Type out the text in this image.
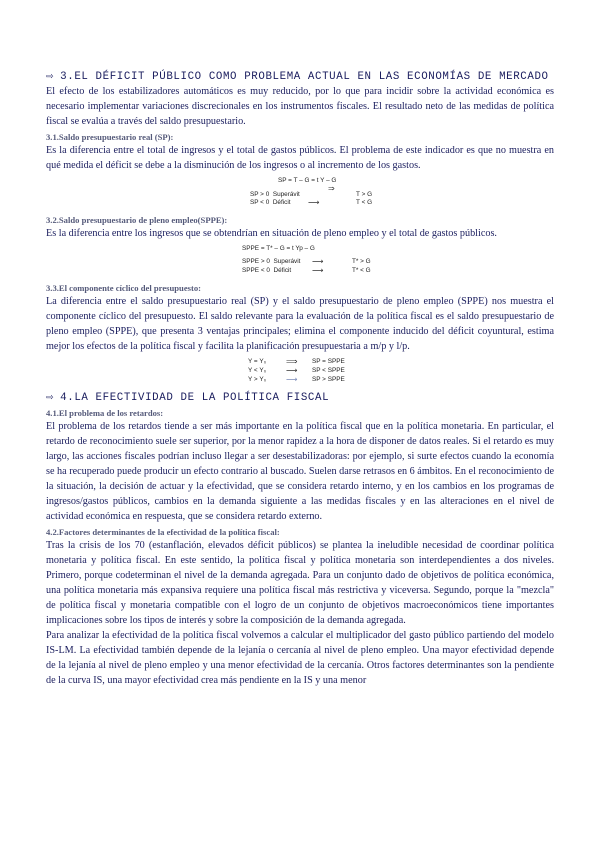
⇨ 3.EL DÉFICIT PÚBLICO COMO PROBLEMA ACTUAL EN LAS ECONOMÍAS DE MERCADO

El efecto de los estabilizadores automáticos es muy reducido, por lo que para incidir sobre la actividad económica es necesario implementar variaciones discrecionales en los instrumentos fiscales. El resultado neto de las medidas de política fiscal se evalúa a través del saldo presupuestario.

3.1.Saldo presupuestario real (SP):

Es la diferencia entre el total de ingresos y el total de gastos públicos. El problema de este indicador es que no muestra en qué medida el déficit se debe a la disminución de los ingresos o al incremento de los gastos.

SP = T – G = t Y – G
⇒
SP > 0 Superávit	T > G
SP < 0 Déficit	⟶	T < G
3.2.Saldo presupuestario de pleno empleo(SPPE):

Es la diferencia entre los ingresos que se obtendrían en situación de pleno empleo y el total de gastos públicos.

SPPE = T* – G = t Yp – G
SPPE > 0 Superávit	⟶	T* > G
SPPE < 0 Déficit	⟶	T* < G
3.3.El componente cíclico del presupuesto:

La diferencia entre el saldo presupuestario real (SP) y el saldo presupuestario de pleno empleo (SPPE) nos muestra el componente cíclico del presupuesto. El saldo relevante para la evaluación de la política fiscal es el saldo presupuestario de pleno empleo (SPPE), que presenta 3 ventajas principales; elimina el componente inducido del déficit coyuntural, estima mejor los efectos de la política fiscal y facilita la planificación presupuestaria a m/p y l/p.

Y = Y₀	⟹	SP = SPPE
Y < Y₀	⟶	SP < SPPE
Y > Y₀	⟶	SP > SPPE
⇨ 4.LA EFECTIVIDAD DE LA POLÍTICA FISCAL
4.1.El problema de los retardos:

El problema de los retardos tiende a ser más importante en la política fiscal que en la política monetaria. En particular, el retardo de reconocimiento suele ser superior, por la menor rapidez a la hora de disponer de datos reales. Si el retardo es muy largo, las acciones fiscales podrían incluso llegar a ser desestabilizadoras: por ejemplo, si surte efectos cuando la economía se ha recuperado puede producir un efecto contrario al buscado. Suelen darse retrasos en 6 ámbitos. En el reconocimiento de la situación, la decisión de actuar y la efectividad, que se considera retardo interno, y en los cambios en los programas de ingresos/gastos públicos, cambios en la demanda siguiente a las medidas fiscales y en las alteraciones en el nivel de actividad económica en respuesta, que se considera retardo externo.

4.2.Factores determinantes de la efectividad de la política fiscal:

Tras la crisis de los 70 (estanflación, elevados déficit públicos) se plantea la ineludible necesidad de coordinar política monetaria y política fiscal. En este sentido, la política fiscal y política monetaria son interdependientes a dos niveles. Primero, porque codeterminan el nivel de la demanda agregada. Para un conjunto dado de objetivos de política económica, una política monetaria más expansiva requiere una política fiscal más restrictiva y viceversa. Segundo, porque la "mezcla" de política fiscal y monetaria compatible con el logro de un conjunto de objetivos macroeconómicos tiene importantes implicaciones sobre los tipos de interés y sobre la composición de la demanda agregada.

Para analizar la efectividad de la política fiscal volvemos a calcular el multiplicador del gasto público partiendo del modelo IS-LM. La efectividad también depende de la lejanía o cercanía al nivel de pleno empleo. Una mayor efectividad depende de la lejanía al nivel de pleno empleo y una menor efectividad de la cercanía. Otros factores determinantes son la pendiente de la curva IS, una mayor efectividad crea más pendiente en la IS y una menor
